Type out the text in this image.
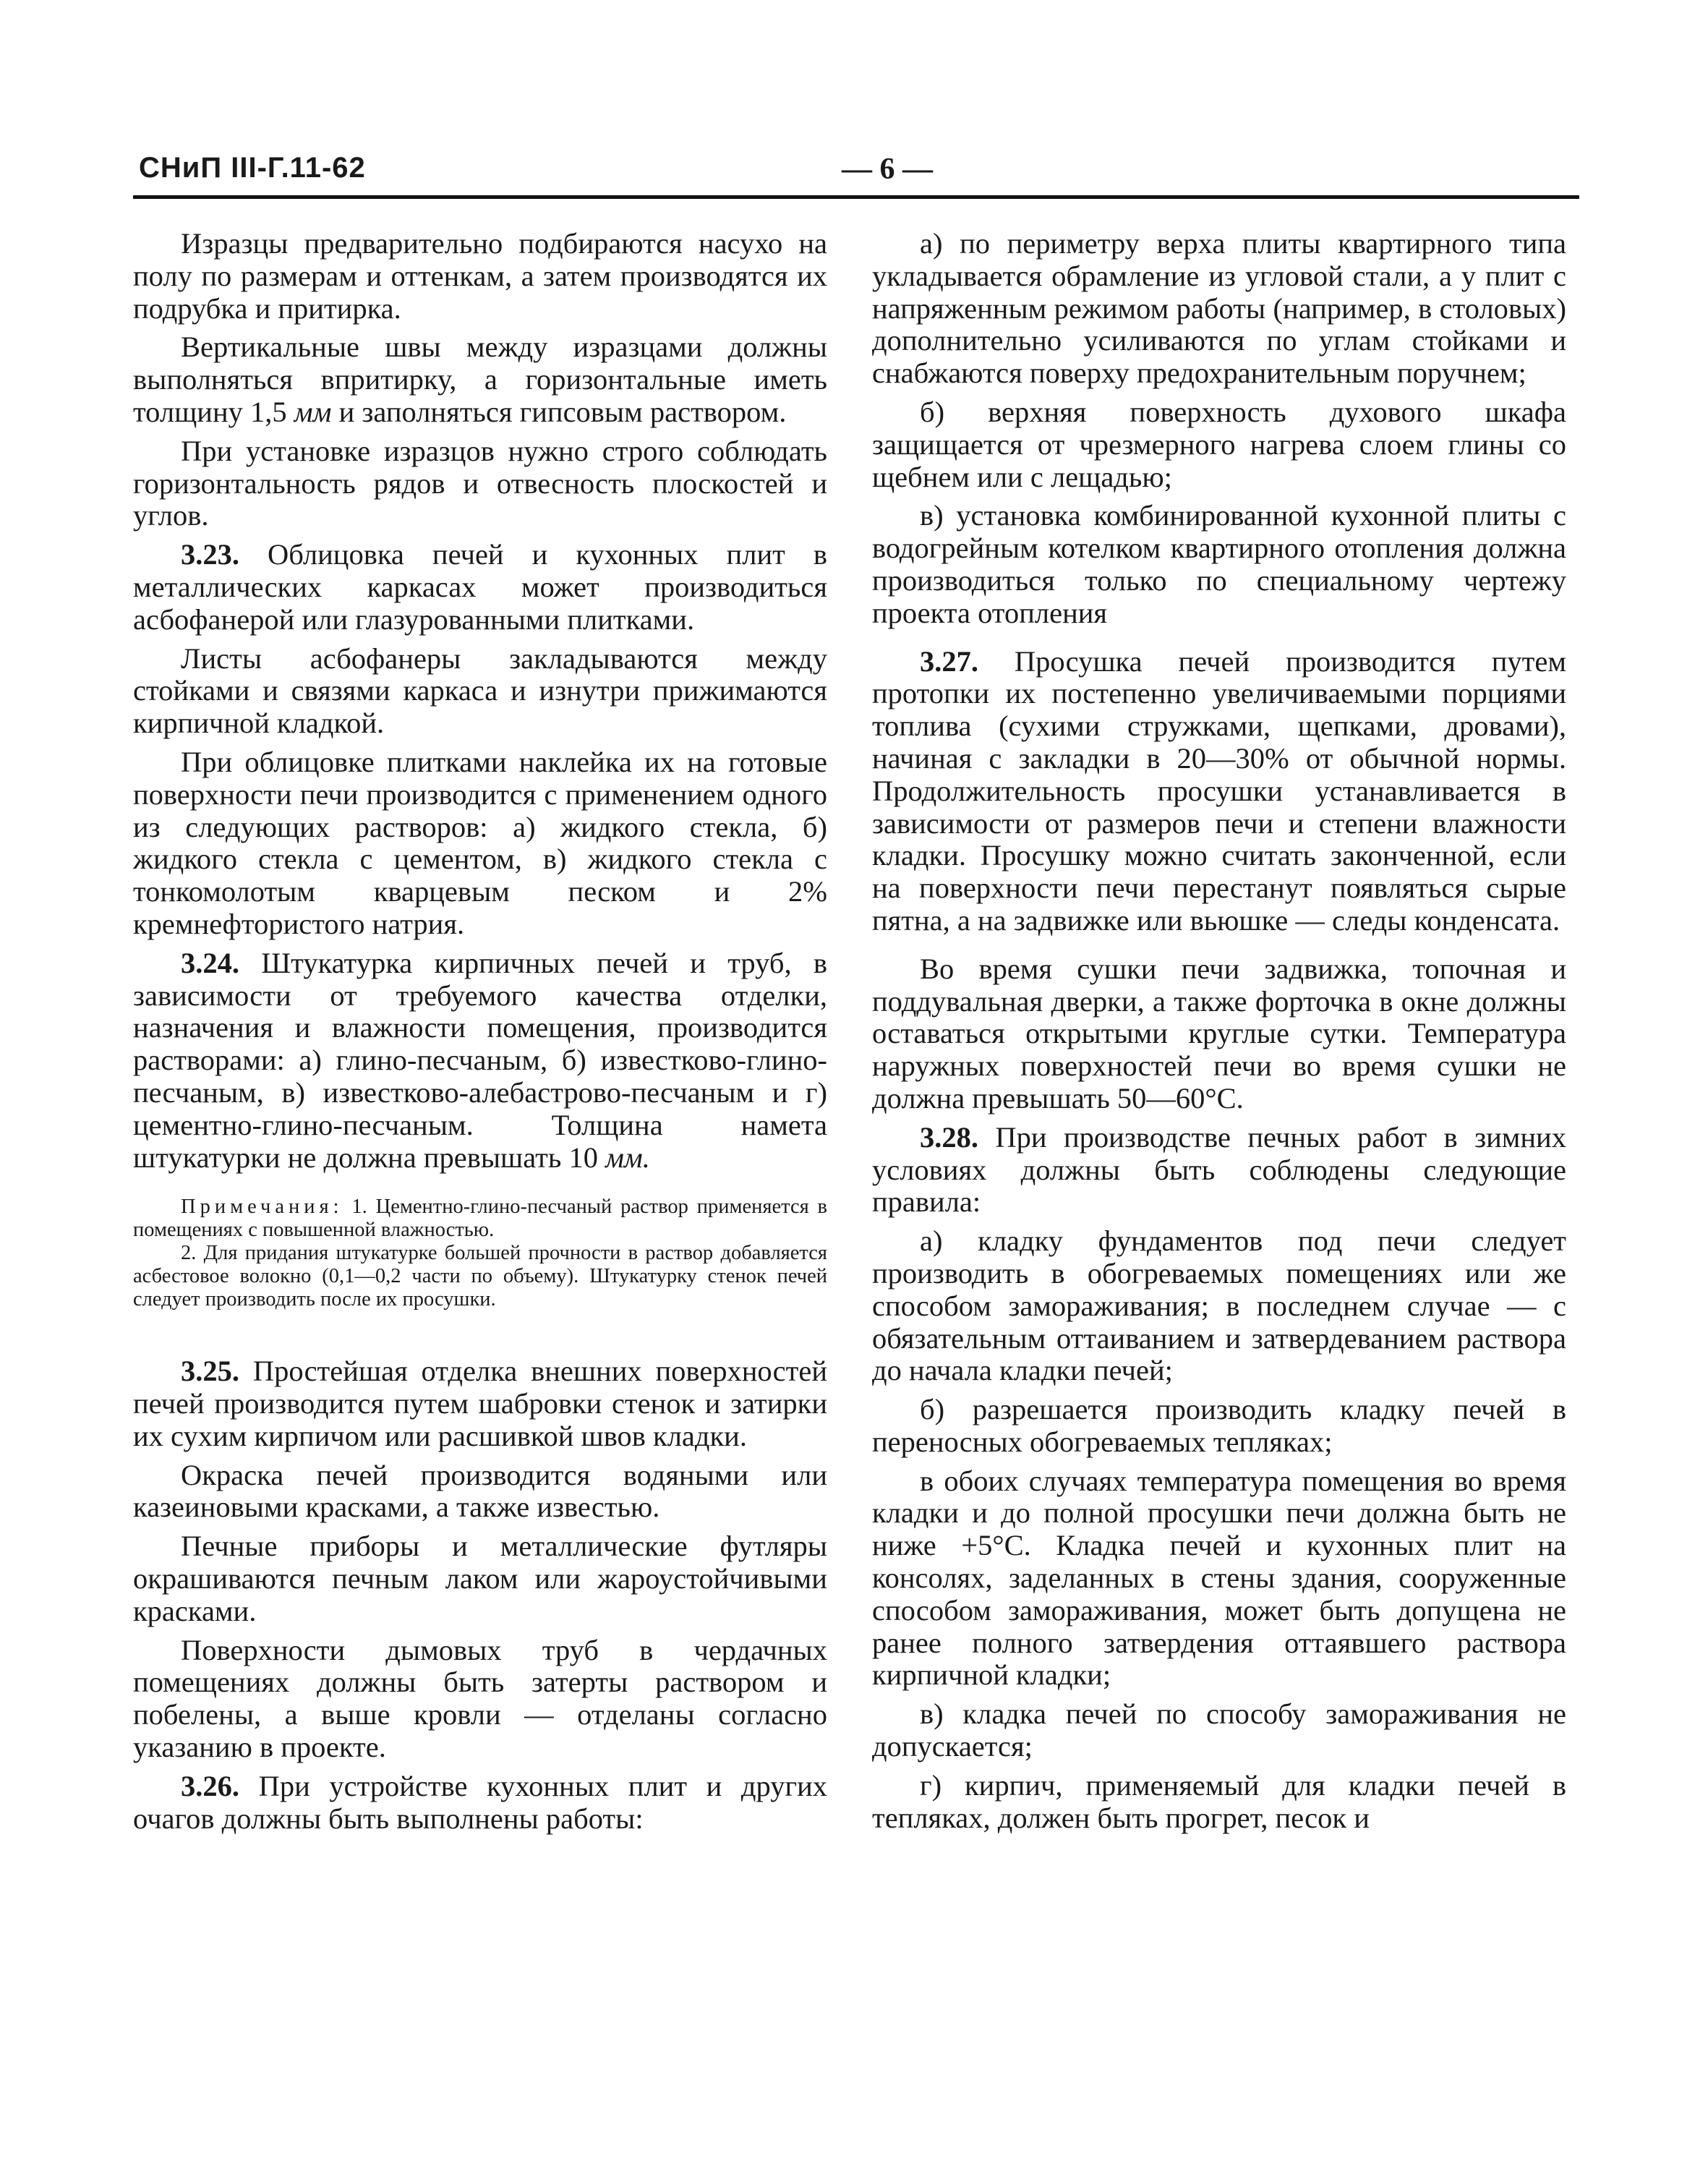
СНиП III-Г.11-62	— 6 —

Изразцы предварительно подбираются насухо на полу по размерам и оттенкам, а затем производятся их подрубка и притирка.

Вертикальные швы между изразцами должны выполняться впритирку, а горизонтальные иметь толщину 1,5 мм и заполняться гипсовым раствором.

При установке изразцов нужно строго соблюдать горизонтальность рядов и отвесность плоскостей и углов.

3.23. Облицовка печей и кухонных плит в металлических каркасах может производиться асбофанерой или глазурованными плитками.

Листы асбофанеры закладываются между стойками и связями каркаса и изнутри прижимаются кирпичной кладкой.

При облицовке плитками наклейка их на готовые поверхности печи производится с применением одного из следующих растворов: а) жидкого стекла, б) жидкого стекла с цементом, в) жидкого стекла с тонкомолотым кварцевым песком и 2% кремнефтористого натрия.

3.24. Штукатурка кирпичных печей и труб, в зависимости от требуемого качества отделки, назначения и влажности помещения, производится растворами: а) глино-песчаным, б) известково-глино-песчаным, в) известково-алебастрово-песчаным и г) цементно-глино-песчаным. Толщина намета штукатурки не должна превышать 10 мм.

Примечания: 1. Цементно-глино-песчаный раствор применяется в помещениях с повышенной влажностью.

2. Для придания штукатурке большей прочности в раствор добавляется асбестовое волокно (0,1—0,2 части по объему). Штукатурку стенок печей следует производить после их просушки.

3.25. Простейшая отделка внешних поверхностей печей производится путем шабровки стенок и затирки их сухим кирпичом или расшивкой швов кладки.

Окраска печей производится водяными или казеиновыми красками, а также известью.

Печные приборы и металлические футляры окрашиваются печным лаком или жароустойчивыми красками.

Поверхности дымовых труб в чердачных помещениях должны быть затерты раствором и побелены, а выше кровли — отделаны согласно указанию в проекте.

3.26. При устройстве кухонных плит и других очагов должны быть выполнены работы:

а) по периметру верха плиты квартирного типа укладывается обрамление из угловой стали, а у плит с напряженным режимом работы (например, в столовых) дополнительно усиливаются по углам стойками и снабжаются поверху предохранительным поручнем;

б) верхняя поверхность духового шкафа защищается от чрезмерного нагрева слоем глины со щебнем или с лещадью;

в) установка комбинированной кухонной плиты с водогрейным котелком квартирного отопления должна производиться только по специальному чертежу проекта отопления

3.27. Просушка печей производится путем протопки их постепенно увеличиваемыми порциями топлива (сухими стружками, щепками, дровами), начиная с закладки в 20—30% от обычной нормы. Продолжительность просушки устанавливается в зависимости от размеров печи и степени влажности кладки. Просушку можно считать законченной, если на поверхности печи перестанут появляться сырые пятна, а на задвижке или вьюшке — следы конденсата.

Во время сушки печи задвижка, топочная и поддувальная дверки, а также форточка в окне должны оставаться открытыми круглые сутки. Температура наружных поверхностей печи во время сушки не должна превышать 50—60°С.

3.28. При производстве печных работ в зимних условиях должны быть соблюдены следующие правила:

а) кладку фундаментов под печи следует производить в обогреваемых помещениях или же способом замораживания; в последнем случае — с обязательным оттаиванием и затвердеванием раствора до начала кладки печей;

б) разрешается производить кладку печей в переносных обогреваемых тепляках;

в обоих случаях температура помещения во время кладки и до полной просушки печи должна быть не ниже +5°С. Кладка печей и кухонных плит на консолях, заделанных в стены здания, сооруженные способом замораживания, может быть допущена не ранее полного затвердения оттаявшего раствора кирпичной кладки;

в) кладка печей по способу замораживания не допускается;

г) кирпич, применяемый для кладки печей в тепляках, должен быть прогрет, песок и
